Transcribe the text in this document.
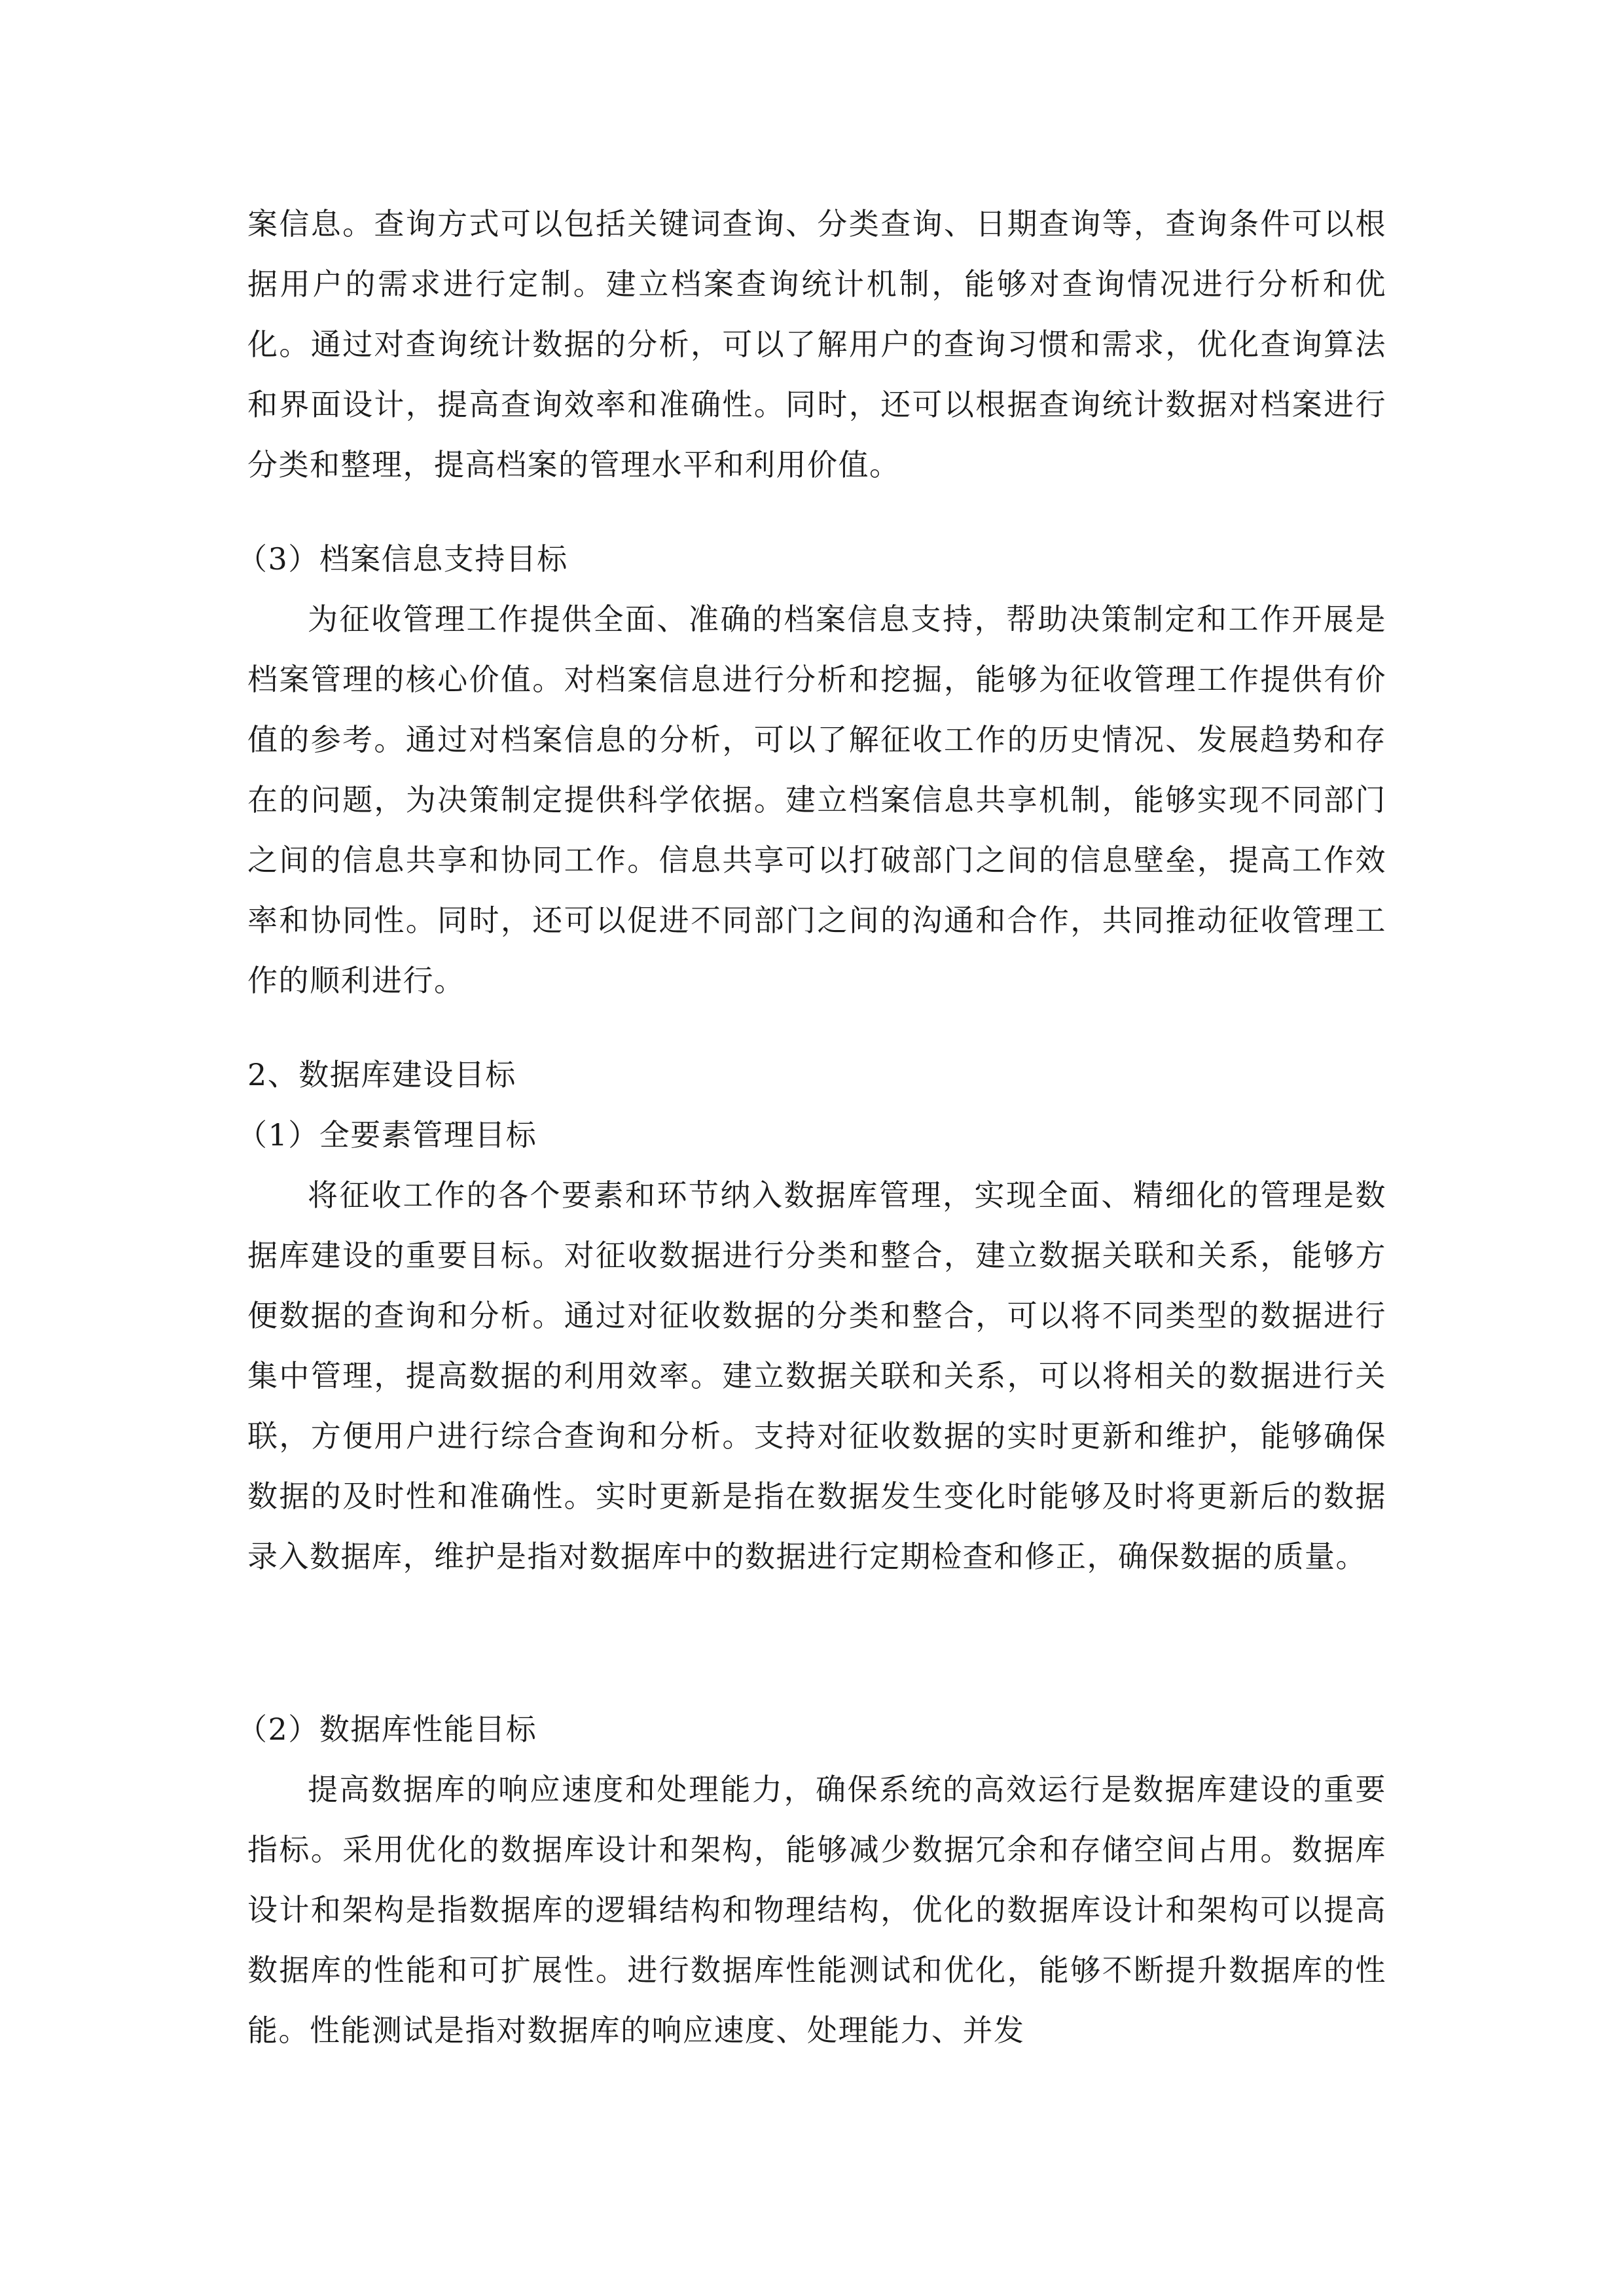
案信息。查询方式可以包括关键词查询、分类查询、日期查询等，查询条件可以根据用户的需求进行定制。建立档案查询统计机制，能够对查询情况进行分析和优化。通过对查询统计数据的分析，可以了解用户的查询习惯和需求，优化查询算法和界面设计，提高查询效率和准确性。同时，还可以根据查询统计数据对档案进行分类和整理，提高档案的管理水平和利用价值。

（3）档案信息支持目标

为征收管理工作提供全面、准确的档案信息支持，帮助决策制定和工作开展是档案管理的核心价值。对档案信息进行分析和挖掘，能够为征收管理工作提供有价值的参考。通过对档案信息的分析，可以了解征收工作的历史情况、发展趋势和存在的问题，为决策制定提供科学依据。建立档案信息共享机制，能够实现不同部门之间的信息共享和协同工作。信息共享可以打破部门之间的信息壁垒，提高工作效率和协同性。同时，还可以促进不同部门之间的沟通和合作，共同推动征收管理工作的顺利进行。

2、数据库建设目标
（1）全要素管理目标

将征收工作的各个要素和环节纳入数据库管理，实现全面、精细化的管理是数据库建设的重要目标。对征收数据进行分类和整合，建立数据关联和关系，能够方便数据的查询和分析。通过对征收数据的分类和整合，可以将不同类型的数据进行集中管理，提高数据的利用效率。建立数据关联和关系，可以将相关的数据进行关联，方便用户进行综合查询和分析。支持对征收数据的实时更新和维护，能够确保数据的及时性和准确性。实时更新是指在数据发生变化时能够及时将更新后的数据录入数据库，维护是指对数据库中的数据进行定期检查和修正，确保数据的质量。

（2）数据库性能目标

提高数据库的响应速度和处理能力，确保系统的高效运行是数据库建设的重要指标。采用优化的数据库设计和架构，能够减少数据冗余和存储空间占用。数据库设计和架构是指数据库的逻辑结构和物理结构，优化的数据库设计和架构可以提高数据库的性能和可扩展性。进行数据库性能测试和优化，能够不断提升数据库的性能。性能测试是指对数据库的响应速度、处理能力、并发
